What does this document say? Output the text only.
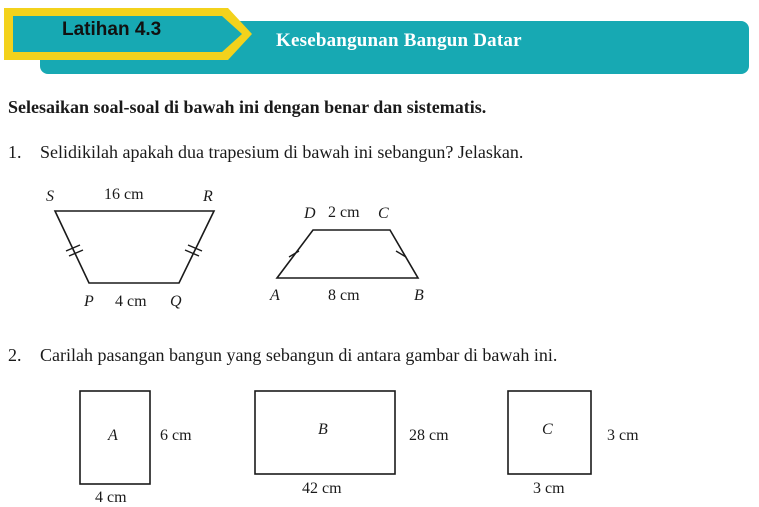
Latihan 4.3
Kesebangunan Bangun Datar
Selesaikan soal-soal di bawah ini dengan benar dan sistematis.
1. Selidikilah apakah dua trapesium di bawah ini sebangun? Jelaskan.
S	16 cm	R
P 4 cm Q
D 2 cm C
A	8 cm	B
2. Carilah pasangan bangun yang sebangun di antara gambar di bawah ini.
A	6 cm
4 cm
B	28 cm
42 cm
C	3 cm
3 cm
